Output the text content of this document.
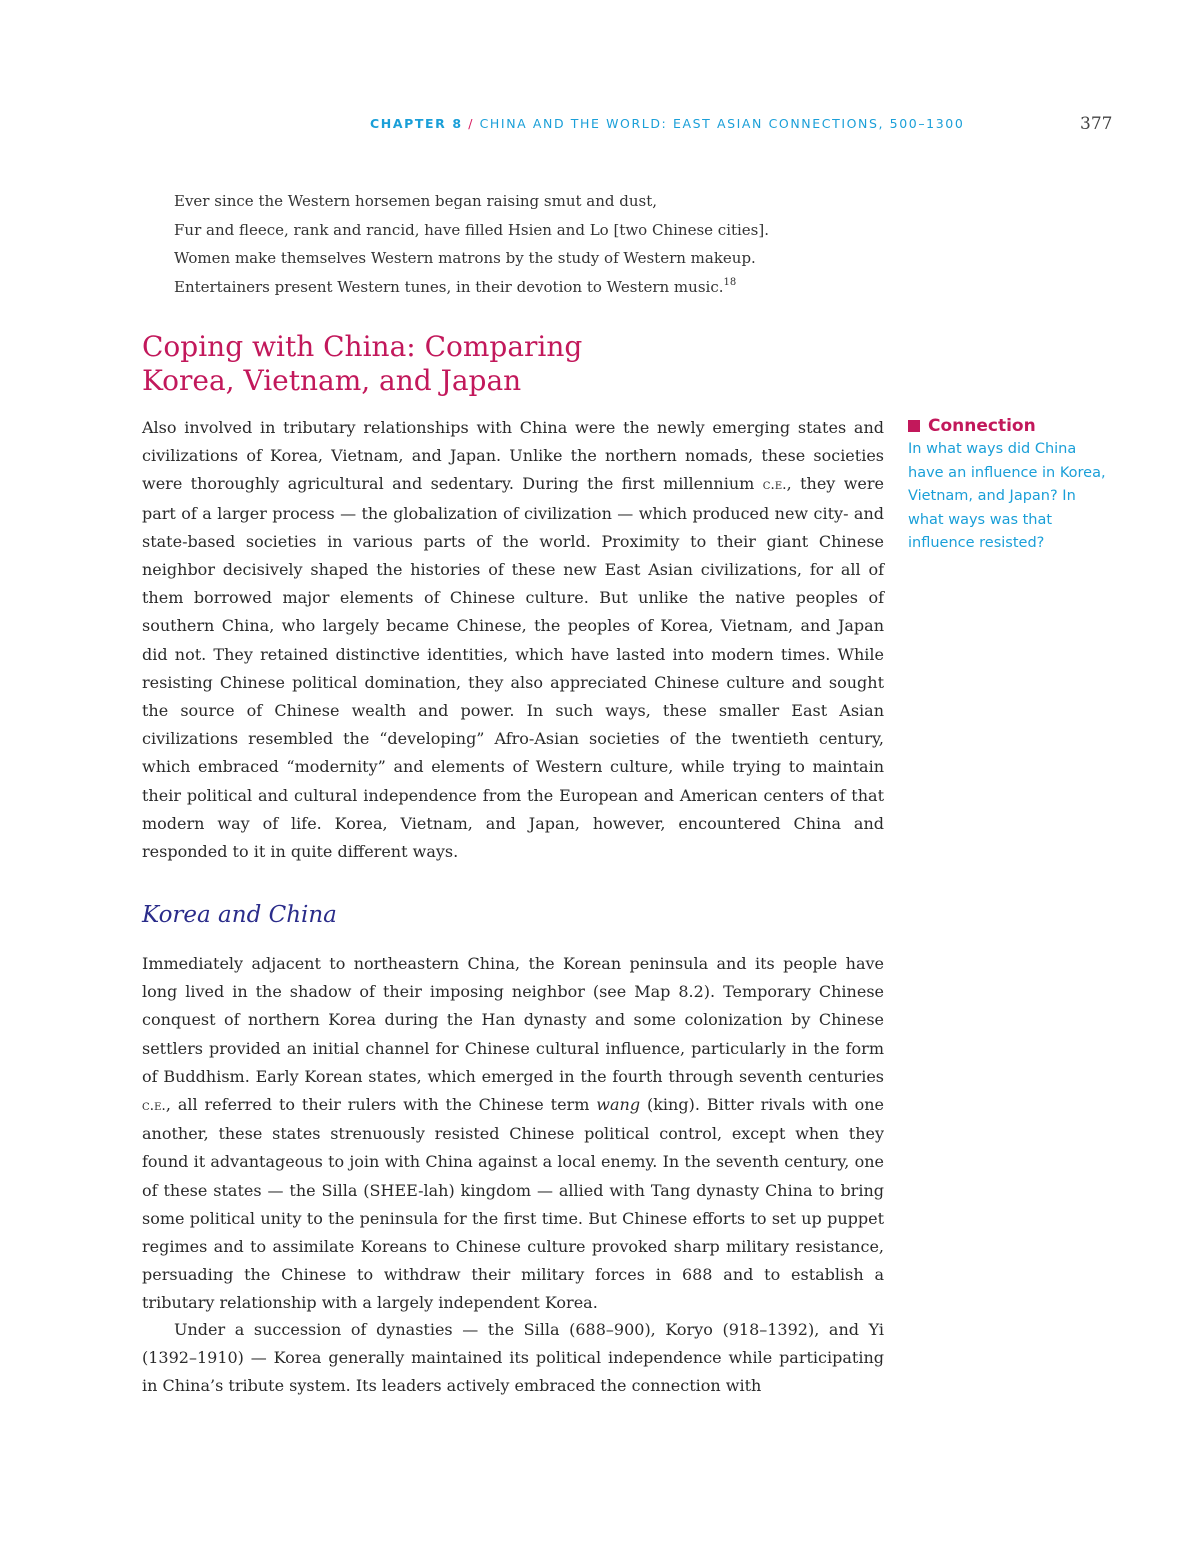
CHAPTER 8 / CHINA AND THE WORLD: EAST ASIAN CONNECTIONS, 500–1300	377
Ever since the Western horsemen began raising smut and dust,
Fur and fleece, rank and rancid, have filled Hsien and Lo [two Chinese cities].
Women make themselves Western matrons by the study of Western makeup.
Entertainers present Western tunes, in their devotion to Western music.$^{18}$
Coping with China: Comparing
Korea, Vietnam, and Japan

Also involved in tributary relationships with China were the newly emerging states and civilizations of Korea, Vietnam, and Japan. Unlike the northern nomads, these societies were thoroughly agricultural and sedentary. During the first millennium c.e., they were part of a larger process — the globalization of civilization — which produced new city- and state-based societies in various parts of the world. Proximity to their giant Chinese neighbor decisively shaped the histories of these new East Asian civilizations, for all of them borrowed major elements of Chinese culture. But unlike the native peoples of southern China, who largely became Chinese, the peoples of Korea, Vietnam, and Japan did not. They retained distinctive identities, which have lasted into modern times. While resisting Chinese political domination, they also appreciated Chinese culture and sought the source of Chinese wealth and power. In such ways, these smaller East Asian civilizations resembled the “developing” Afro-Asian societies of the twentieth century, which embraced “modernity” and elements of Western culture, while trying to maintain their political and cultural independence from the European and American centers of that modern way of life. Korea, Vietnam, and Japan, however, encountered China and responded to it in quite different ways.

Connection
In what ways did China have an influence in Korea, Vietnam, and Japan? In what ways was that influence resisted?
Korea and China

Immediately adjacent to northeastern China, the Korean peninsula and its people have long lived in the shadow of their imposing neighbor (see Map 8.2). Temporary Chinese conquest of northern Korea during the Han dynasty and some colonization by Chinese settlers provided an initial channel for Chinese cultural influence, particularly in the form of Buddhism. Early Korean states, which emerged in the fourth through seventh centuries c.e., all referred to their rulers with the Chinese term wang (king). Bitter rivals with one another, these states strenuously resisted Chinese political control, except when they found it advantageous to join with China against a local enemy. In the seventh century, one of these states — the Silla (SHEE-lah) kingdom — allied with Tang dynasty China to bring some political unity to the peninsula for the first time. But Chinese efforts to set up puppet regimes and to assimilate Koreans to Chinese culture provoked sharp military resistance, persuading the Chinese to withdraw their military forces in 688 and to establish a tributary relationship with a largely independent Korea.

Under a succession of dynasties — the Silla (688–900), Koryo (918–1392), and Yi (1392–1910) — Korea generally maintained its political independence while participating in China’s tribute system. Its leaders actively embraced the connection with
